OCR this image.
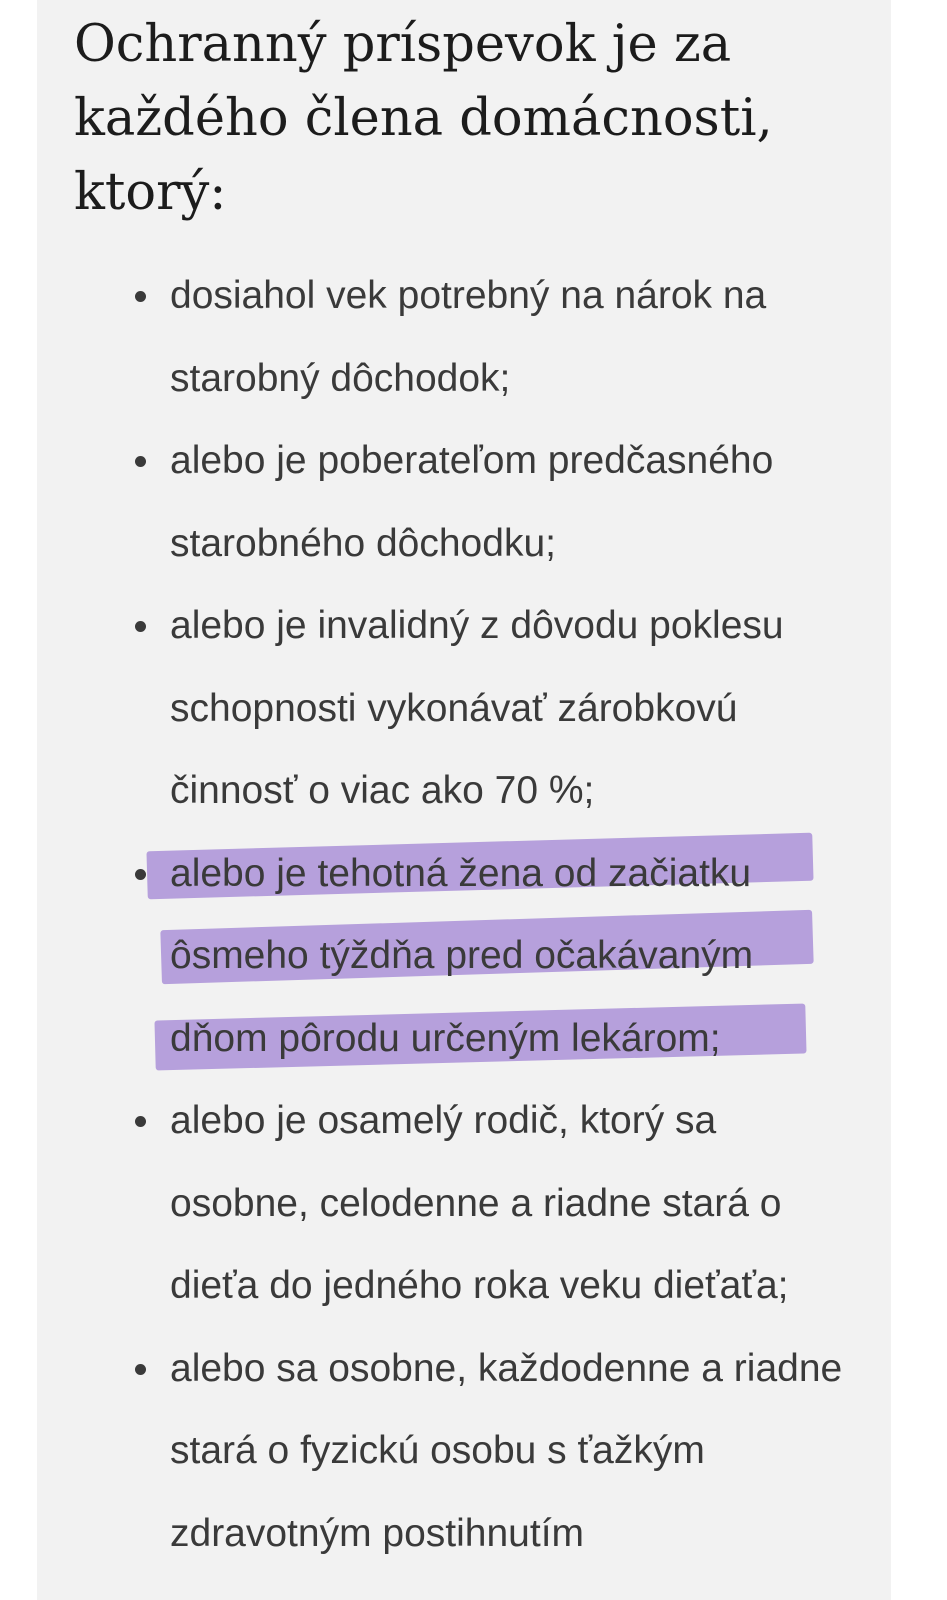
Ochranný príspevok je za každého člena domácnosti, ktorý:
dosiahol vek potrebný na nárok na starobný dôchodok;
alebo je poberateľom predčasného starobného dôchodku;
alebo je invalidný z dôvodu poklesu schopnosti vykonávať zárobkovú činnosť o viac ako 70 %;
alebo je tehotná žena od začiatku ôsmeho týždňa pred očakávaným dňom pôrodu určeným lekárom;
alebo je osamelý rodič, ktorý sa osobne, celodenne a riadne stará o dieťa do jedného roka veku dieťaťa;
alebo sa osobne, každodenne a riadne stará o fyzickú osobu s ťažkým zdravotným postihnutím
